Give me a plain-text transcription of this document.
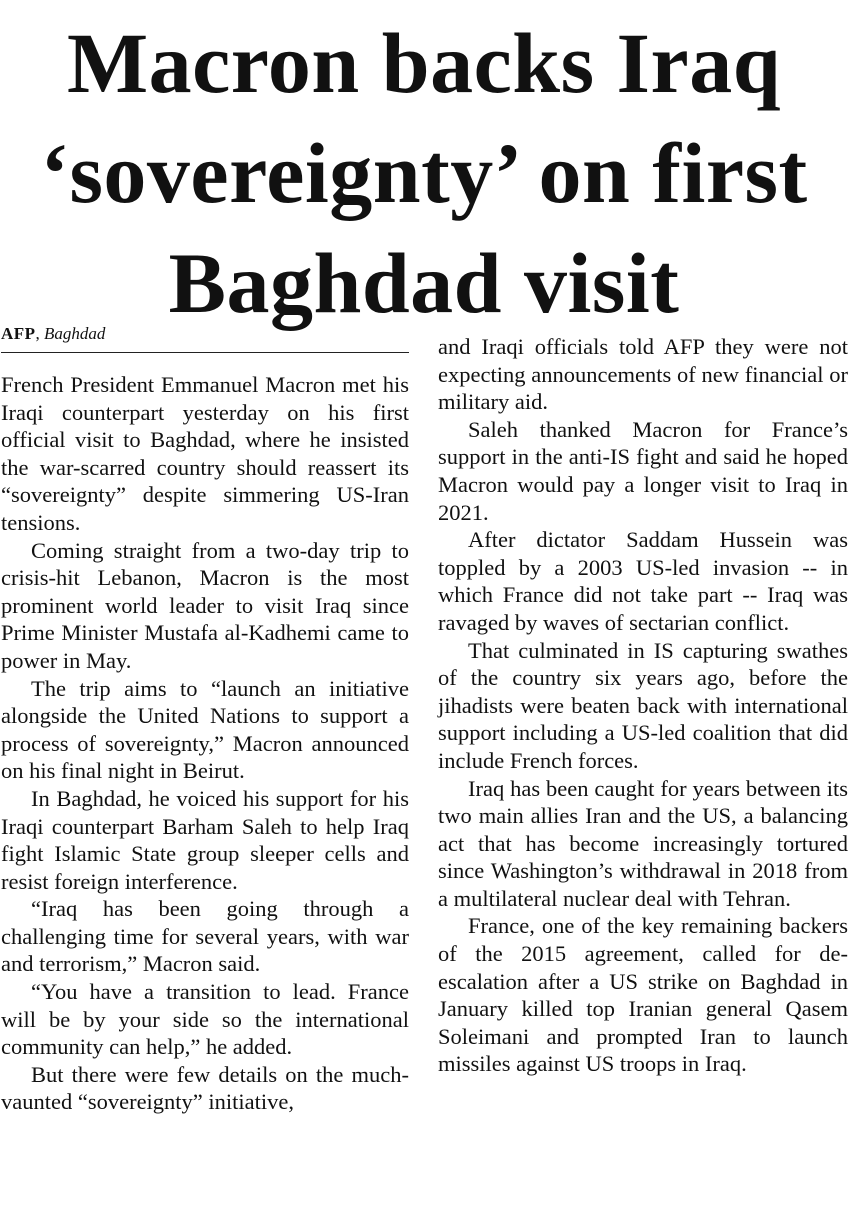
Macron backs Iraq
‘sovereignty’ on first
Baghdad visit
AFP, Baghdad

French President Emmanuel Macron met his Iraqi counterpart yesterday on his first official visit to Baghdad, where he insisted the war-scarred country should reassert its “sovereignty” despite simmering US-Iran tensions.

Coming straight from a two-day trip to crisis-hit Lebanon, Macron is the most prominent world leader to visit Iraq since Prime Minister Mustafa al-Kadhemi came to power in May.

The trip aims to “launch an initiative alongside the United Nations to support a process of sovereignty,” Macron announced on his final night in Beirut.

In Baghdad, he voiced his support for his Iraqi counterpart Barham Saleh to help Iraq fight Islamic State group sleeper cells and resist foreign interference.

“Iraq has been going through a challenging time for several years, with war and terrorism,” Macron said.

“You have a transition to lead. France will be by your side so the international community can help,” he added.

But there were few details on the much-vaunted “sovereignty” initiative,

and Iraqi officials told AFP they were not expecting announcements of new financial or military aid.

Saleh thanked Macron for France’s support in the anti-IS fight and said he hoped Macron would pay a longer visit to Iraq in 2021.

After dictator Saddam Hussein was toppled by a 2003 US-led invasion -- in which France did not take part -- Iraq was ravaged by waves of sectarian conflict.

That culminated in IS capturing swathes of the country six years ago, before the jihadists were beaten back with international support including a US-led coalition that did include French forces.

Iraq has been caught for years between its two main allies Iran and the US, a balancing act that has become increasingly tortured since Washington’s withdrawal in 2018 from a multilateral nuclear deal with Tehran.

France, one of the key remaining backers of the 2015 agreement, called for de-escalation after a US strike on Baghdad in January killed top Iranian general Qasem Soleimani and prompted Iran to launch missiles against US troops in Iraq.
